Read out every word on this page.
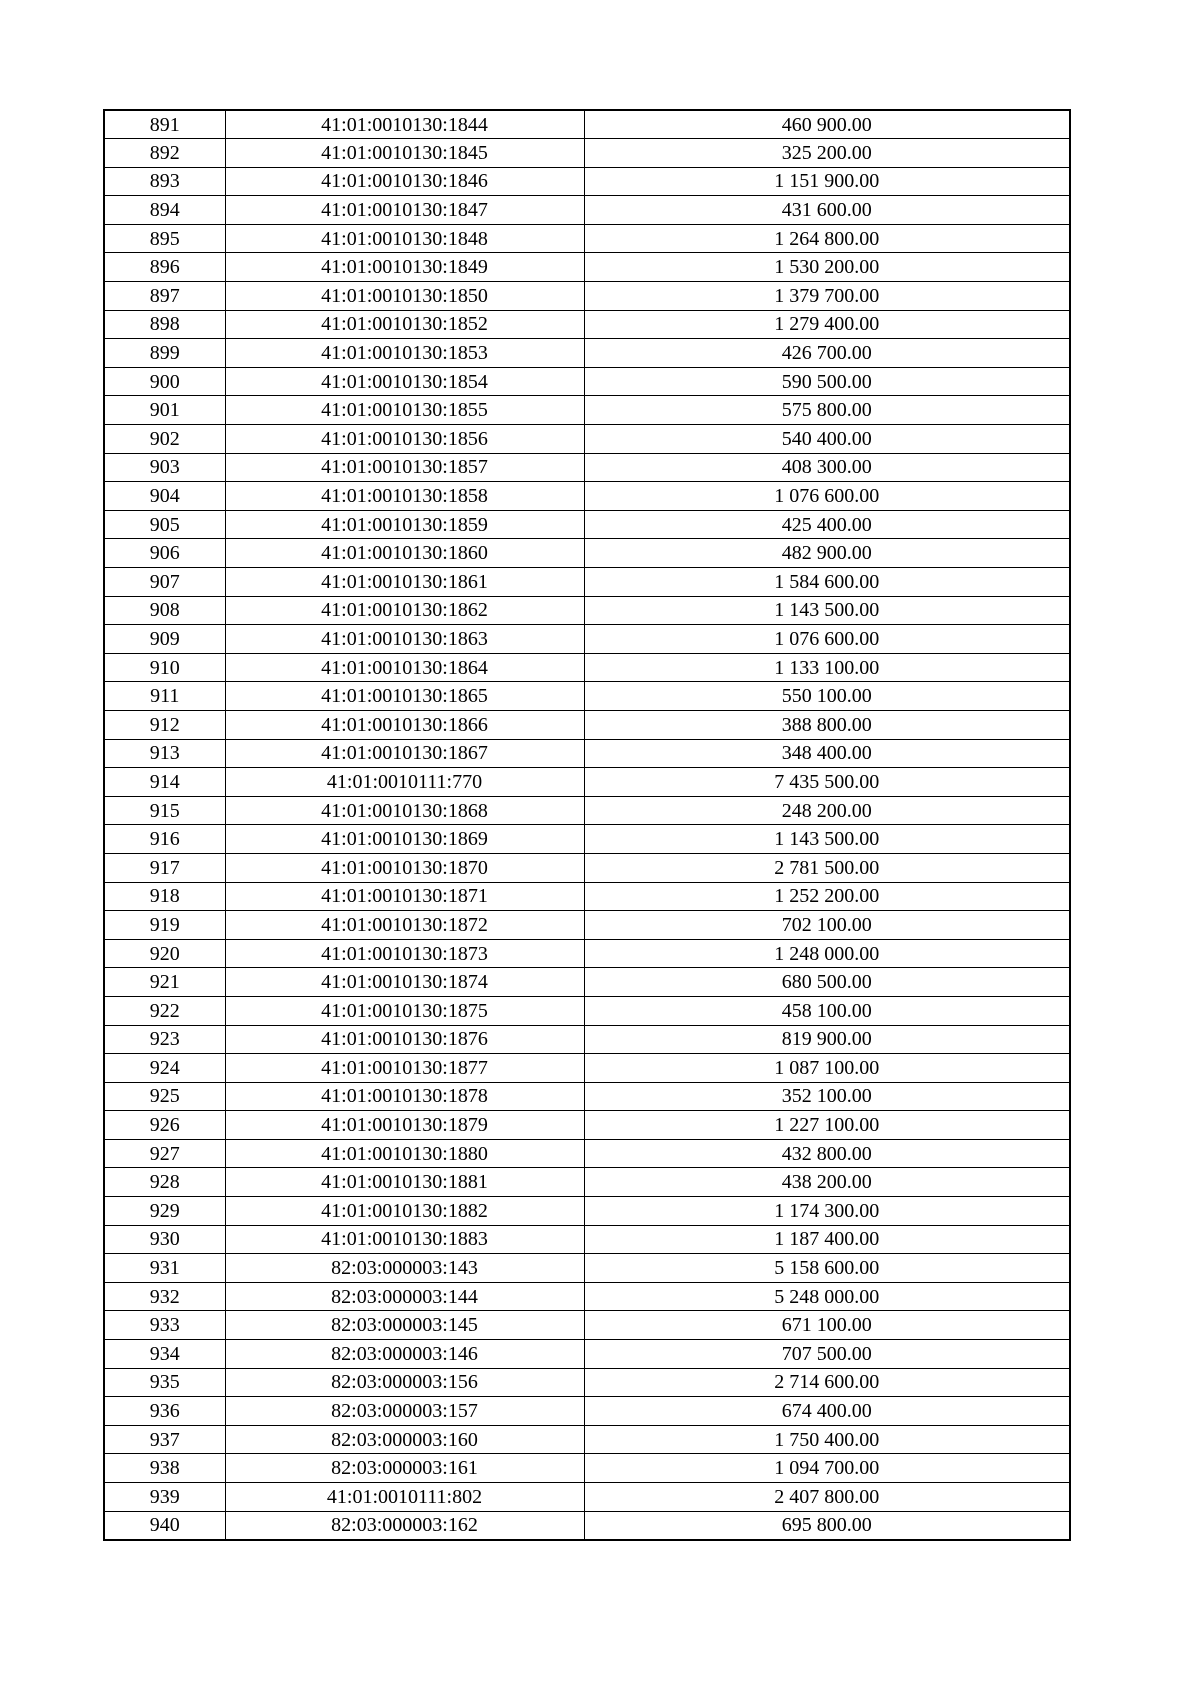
891	41:01:0010130:1844	460 900.00
892	41:01:0010130:1845	325 200.00
893	41:01:0010130:1846	1 151 900.00
894	41:01:0010130:1847	431 600.00
895	41:01:0010130:1848	1 264 800.00
896	41:01:0010130:1849	1 530 200.00
897	41:01:0010130:1850	1 379 700.00
898	41:01:0010130:1852	1 279 400.00
899	41:01:0010130:1853	426 700.00
900	41:01:0010130:1854	590 500.00
901	41:01:0010130:1855	575 800.00
902	41:01:0010130:1856	540 400.00
903	41:01:0010130:1857	408 300.00
904	41:01:0010130:1858	1 076 600.00
905	41:01:0010130:1859	425 400.00
906	41:01:0010130:1860	482 900.00
907	41:01:0010130:1861	1 584 600.00
908	41:01:0010130:1862	1 143 500.00
909	41:01:0010130:1863	1 076 600.00
910	41:01:0010130:1864	1 133 100.00
911	41:01:0010130:1865	550 100.00
912	41:01:0010130:1866	388 800.00
913	41:01:0010130:1867	348 400.00
914	41:01:0010111:770	7 435 500.00
915	41:01:0010130:1868	248 200.00
916	41:01:0010130:1869	1 143 500.00
917	41:01:0010130:1870	2 781 500.00
918	41:01:0010130:1871	1 252 200.00
919	41:01:0010130:1872	702 100.00
920	41:01:0010130:1873	1 248 000.00
921	41:01:0010130:1874	680 500.00
922	41:01:0010130:1875	458 100.00
923	41:01:0010130:1876	819 900.00
924	41:01:0010130:1877	1 087 100.00
925	41:01:0010130:1878	352 100.00
926	41:01:0010130:1879	1 227 100.00
927	41:01:0010130:1880	432 800.00
928	41:01:0010130:1881	438 200.00
929	41:01:0010130:1882	1 174 300.00
930	41:01:0010130:1883	1 187 400.00
931	82:03:000003:143	5 158 600.00
932	82:03:000003:144	5 248 000.00
933	82:03:000003:145	671 100.00
934	82:03:000003:146	707 500.00
935	82:03:000003:156	2 714 600.00
936	82:03:000003:157	674 400.00
937	82:03:000003:160	1 750 400.00
938	82:03:000003:161	1 094 700.00
939	41:01:0010111:802	2 407 800.00
940	82:03:000003:162	695 800.00
